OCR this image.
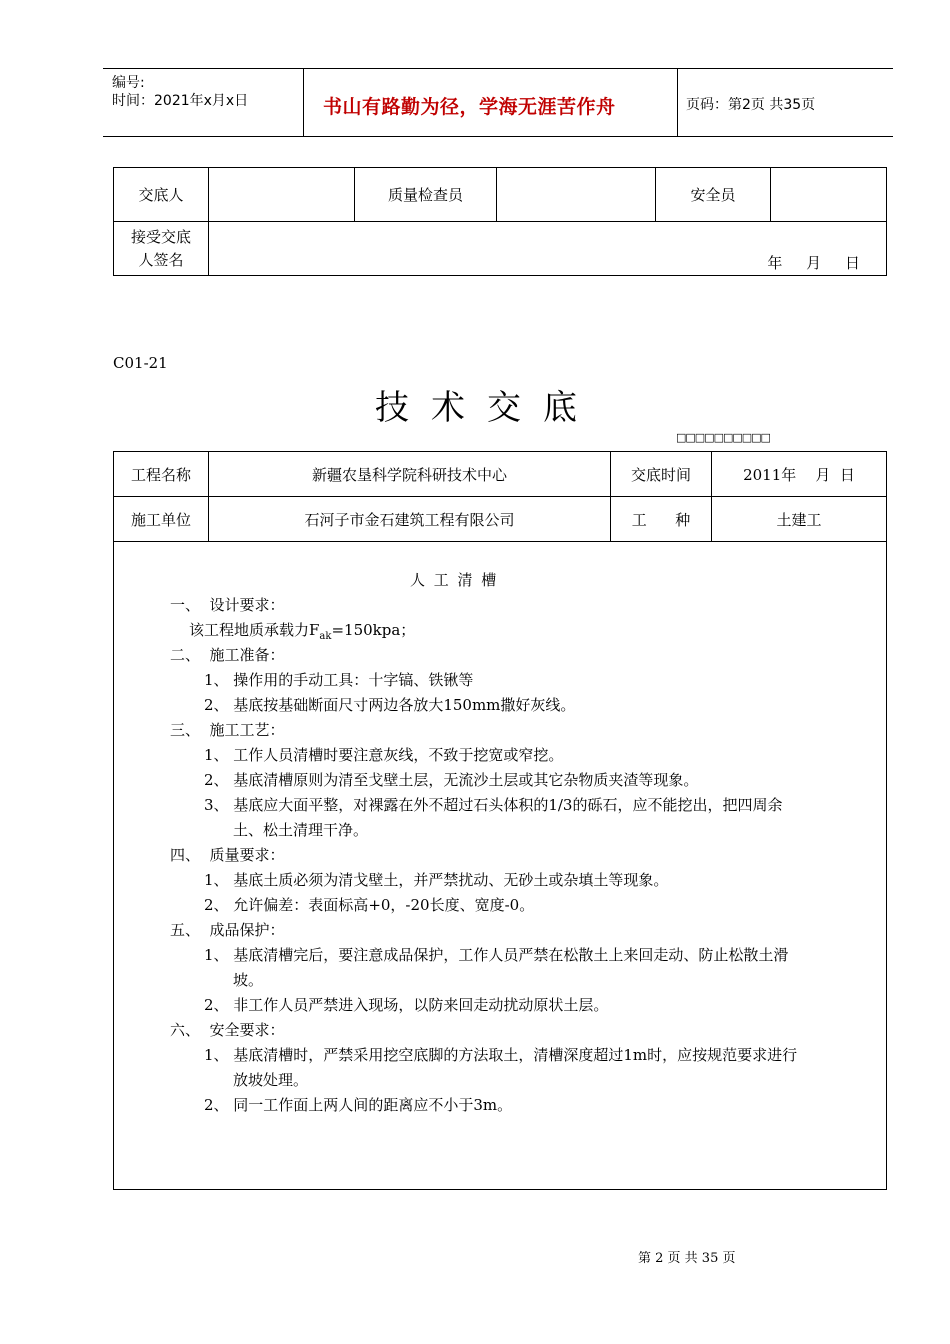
编号:
时间：2021年x月x日	书山有路勤为径，学海无涯苦作舟	页码：第2页 共35页
交底人		质量检查员		安全员	

接受交底
人签名	年     月     日				
C01-21
技术交底
□□□□□□□□□□
工程名称	新疆农垦科学院科研技术中心	交底时间	2011年    月  日
施工单位	石河子市金石建筑工程有限公司	工      种	土建工
人 工 清 槽
一、  设计要求：
该工程地质承载力$F_{ak}=150kpa$；
二、  施工准备：
1、 操作用的手动工具：十字镐、铁锹等
2、 基底按基础断面尺寸两边各放大150mm撒好灰线。
三、  施工工艺：
1、 工作人员清槽时要注意灰线，不致于挖宽或窄挖。
2、 基底清槽原则为清至戈壁土层，无流沙土层或其它杂物质夹渣等现象。
3、 基底应大面平整，对裸露在外不超过石头体积的1/3的砾石，应不能挖出，把四周余
土、松土清理干净。
四、  质量要求：
1、 基底土质必须为清戈壁土，并严禁扰动、无砂土或杂填土等现象。
2、 允许偏差：表面标高+0，-20长度、宽度-0。
五、  成品保护：
1、 基底清槽完后，要注意成品保护，工作人员严禁在松散土上来回走动、防止松散土滑
坡。
2、 非工作人员严禁进入现场，以防来回走动扰动原状土层。
六、  安全要求：
1、 基底清槽时，严禁采用挖空底脚的方法取土，清槽深度超过1m时，应按规范要求进行
放坡处理。
2、 同一工作面上两人间的距离应不小于3m。
第 2 页 共 35 页
